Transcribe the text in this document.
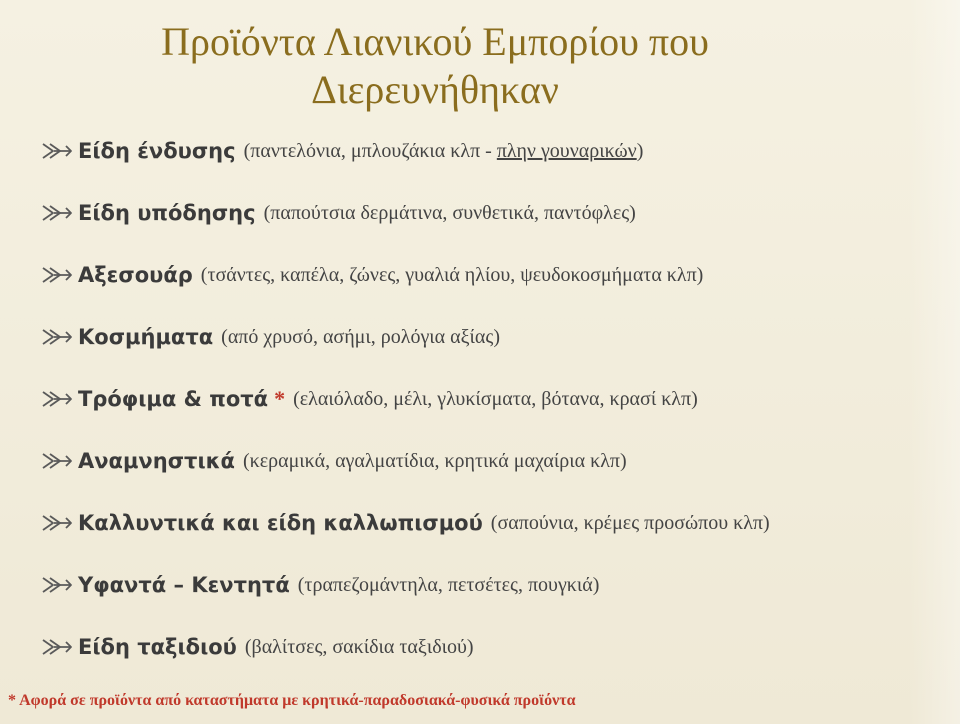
Προϊόντα Λιανικού Εμπορίου που Διερευνήθηκαν
Είδη ένδυσης (παντελόνια, μπλουζάκια κλπ - πλην γουναρικών)
Είδη υπόδησης (παπούτσια δερμάτινα, συνθετικά, παντόφλες)
Αξεσουάρ (τσάντες, καπέλα, ζώνες, γυαλιά ηλίου, ψευδοκοσμήματα κλπ)
Κοσμήματα (από χρυσό, ασήμι, ρολόγια αξίας)
Τρόφιμα & ποτά * (ελαιόλαδο, μέλι, γλυκίσματα, βότανα, κρασί κλπ)
Αναμνηστικά (κεραμικά, αγαλματίδια, κρητικά μαχαίρια κλπ)
Καλλυντικά και είδη καλλωπισμού (σαπούνια, κρέμες προσώπου κλπ)
Υφαντά – Κεντητά (τραπεζομάντηλα, πετσέτες, πουγκιά)
Είδη ταξιδιού (βαλίτσες, σακίδια ταξιδιού)

* Αφορά σε προϊόντα από καταστήματα με κρητικά-παραδοσιακά-φυσικά προϊόντα
